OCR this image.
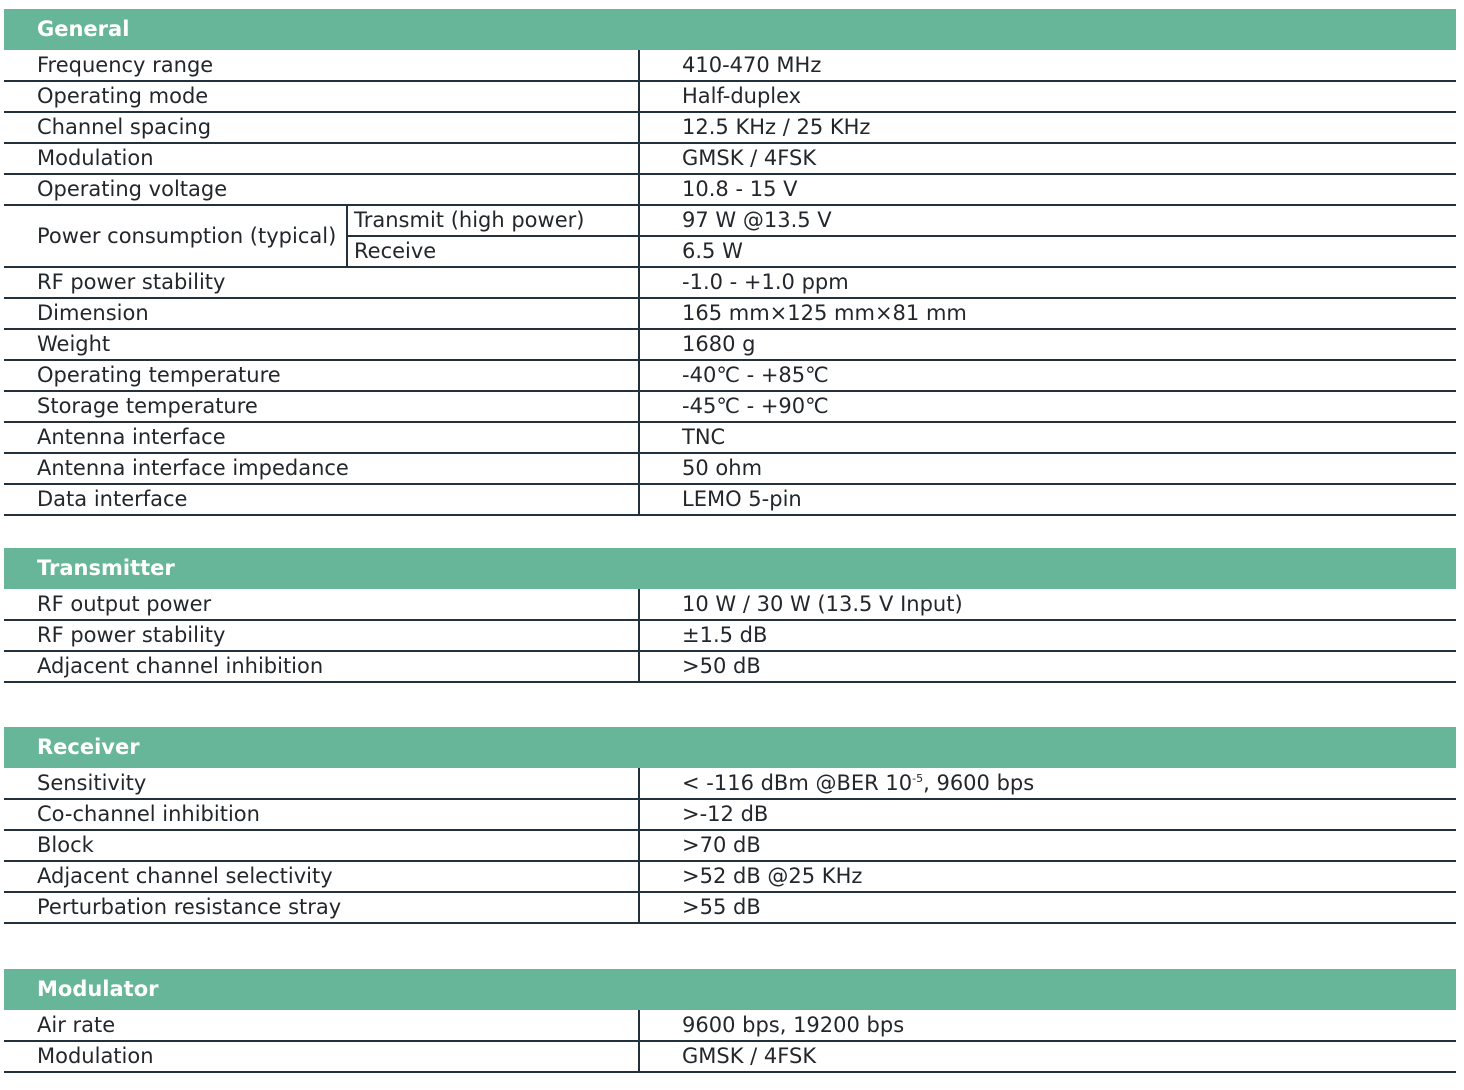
General
Frequency range		410-470 MHz
Operating mode		Half-duplex
Channel spacing		12.5 KHz / 25 KHz
Modulation		GMSK / 4FSK
Operating voltage		10.8 - 15 V
Power consumption (typical)	Transmit (high power)	97 W @13.5 V
	Receive	6.5 W
RF power stability		-1.0 - +1.0 ppm
Dimension		165 mm×125 mm×81 mm
Weight		1680 g
Operating temperature		-40℃ - +85℃
Storage temperature		-45℃ - +90℃
Antenna interface		TNC
Antenna interface impedance		50 ohm
Data interface		LEMO 5-pin
Transmitter
RF output power	10 W / 30 W (13.5 V Input)
RF power stability	±1.5 dB
Adjacent channel inhibition	>50 dB
Receiver
Sensitivity	< -116 dBm @BER $10^{-5}$, 9600 bps
Co-channel inhibition	>-12 dB
Block	>70 dB
Adjacent channel selectivity	>52 dB @25 KHz
Perturbation resistance stray	>55 dB
Modulator
Air rate	9600 bps, 19200 bps
Modulation	GMSK / 4FSK
